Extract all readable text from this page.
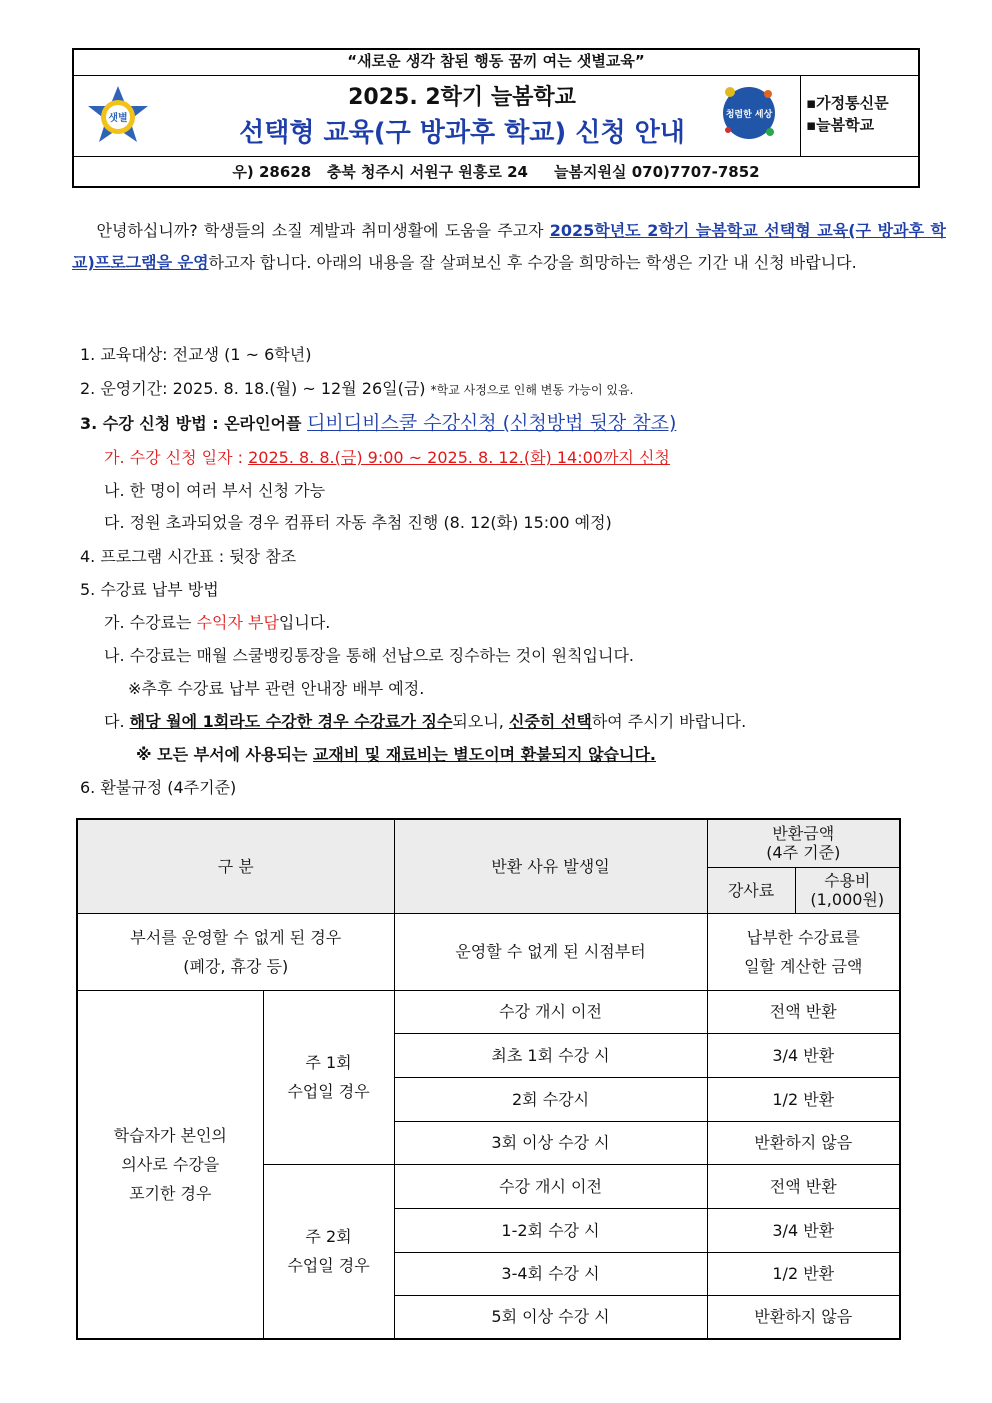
“새로운 생각 참된 행동 꿈끼 여는 샛별교육”
샛별
2025. 2학기 늘봄학교
선택형 교육(구 방과후 학교) 신청 안내
청렴한 세상
▪가정통신문
▪늘봄학교
우) 28628   충북 청주시 서원구 원흥로 24     늘봄지원실 070)7707-7852
안녕하십니까? 학생들의 소질 계발과 취미생활에 도움을 주고자 2025학년도 2학기 늘봄학교 선택형 교육(구 방과후 학교)프로그램을 운영하고자 합니다. 아래의 내용을 잘 살펴보신 후 수강을 희망하는 학생은 기간 내 신청 바랍니다.
1. 교육대상: 전교생 (1 ~ 6학년)
2. 운영기간: 2025. 8. 18.(월) ~ 12월 26일(금) *학교 사정으로 인해 변동 가능이 있음.
3. 수강 신청 방법 : 온라인어플 디비디비스쿨 수강신청 (신청방법 뒷장 참조)
가. 수강 신청 일자 : 2025. 8. 8.(금) 9:00 ~ 2025. 8. 12.(화) 14:00까지 신청
나. 한 명이 여러 부서 신청 가능
다. 정원 초과되었을 경우 컴퓨터 자동 추첨 진행 (8. 12(화) 15:00 예정)
4. 프로그램 시간표 : 뒷장 참조
5. 수강료 납부 방법
가. 수강료는 수익자 부담입니다.
나. 수강료는 매월 스쿨뱅킹통장을 통해 선납으로 징수하는 것이 원칙입니다.
※추후 수강료 납부 관련 안내장 배부 예정.
다. 해당 월에 1회라도 수강한 경우 수강료가 징수되오니, 신중히 선택하여 주시기 바랍니다.
※ 모든 부서에 사용되는 교재비 및 재료비는 별도이며 환불되지 않습니다.
6. 환불규정 (4주기준)
구 분		반환 사유 발생일	반환금액
(4주 기준)	
			강사료	수용비
(1,000원)
부서를 운영할 수 없게 된 경우
(폐강, 휴강 등)		운영할 수 없게 된 시점부터	납부한 수강료를
일할 계산한 금액	
학습자가 본인의
의사로 수강을
포기한 경우	주 1회
수업일 경우	수강 개시 이전	전액 반환	
		최초 1회 수강 시	3/4 반환	
		2회 수강시	1/2 반환	
		3회 이상 수강 시	반환하지 않음	
	주 2회
수업일 경우	수강 개시 이전	전액 반환	
		1-2회 수강 시	3/4 반환	
		3-4회 수강 시	1/2 반환	
		5회 이상 수강 시	반환하지 않음	
